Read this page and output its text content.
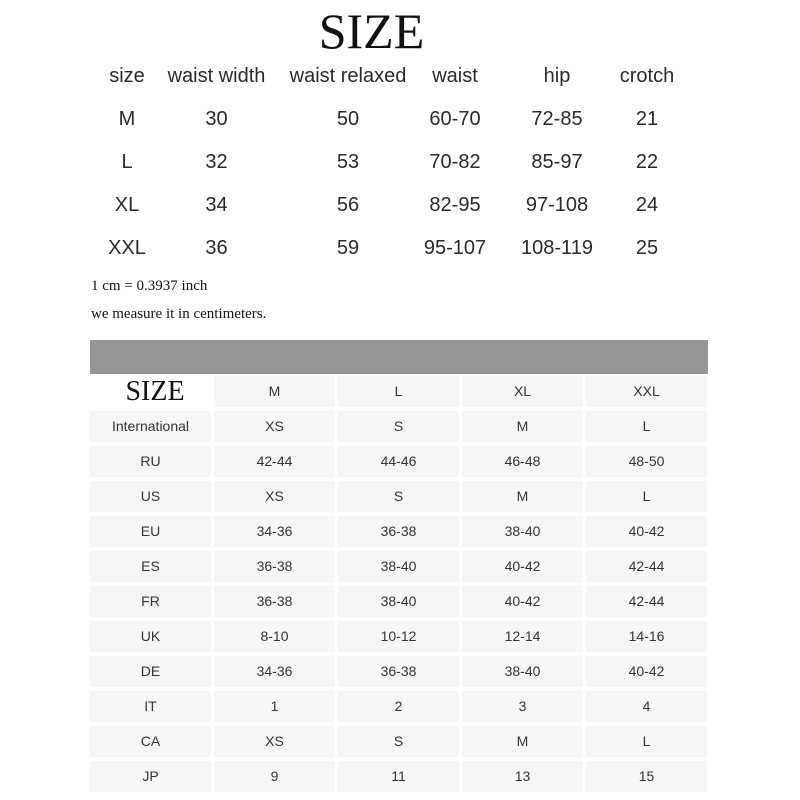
SIZE
size	waist width	waist relaxed	waist	hip	crotch
M	30	50	60-70	72-85	21
L	32	53	70-82	85-97	22
XL	34	56	82-95	97-108	24
XXL	36	59	95-107	108-119	25
1 cm = 0.3937 inch
we measure it in centimeters.
SIZE	M	L	XL	XXL
International	XS	S	M	L
RU	42-44	44-46	46-48	48-50
US	XS	S	M	L
EU	34-36	36-38	38-40	40-42
ES	36-38	38-40	40-42	42-44
FR	36-38	38-40	40-42	42-44
UK	8-10	10-12	12-14	14-16
DE	34-36	36-38	38-40	40-42
IT	1	2	3	4
CA	XS	S	M	L
JP	9	11	13	15
